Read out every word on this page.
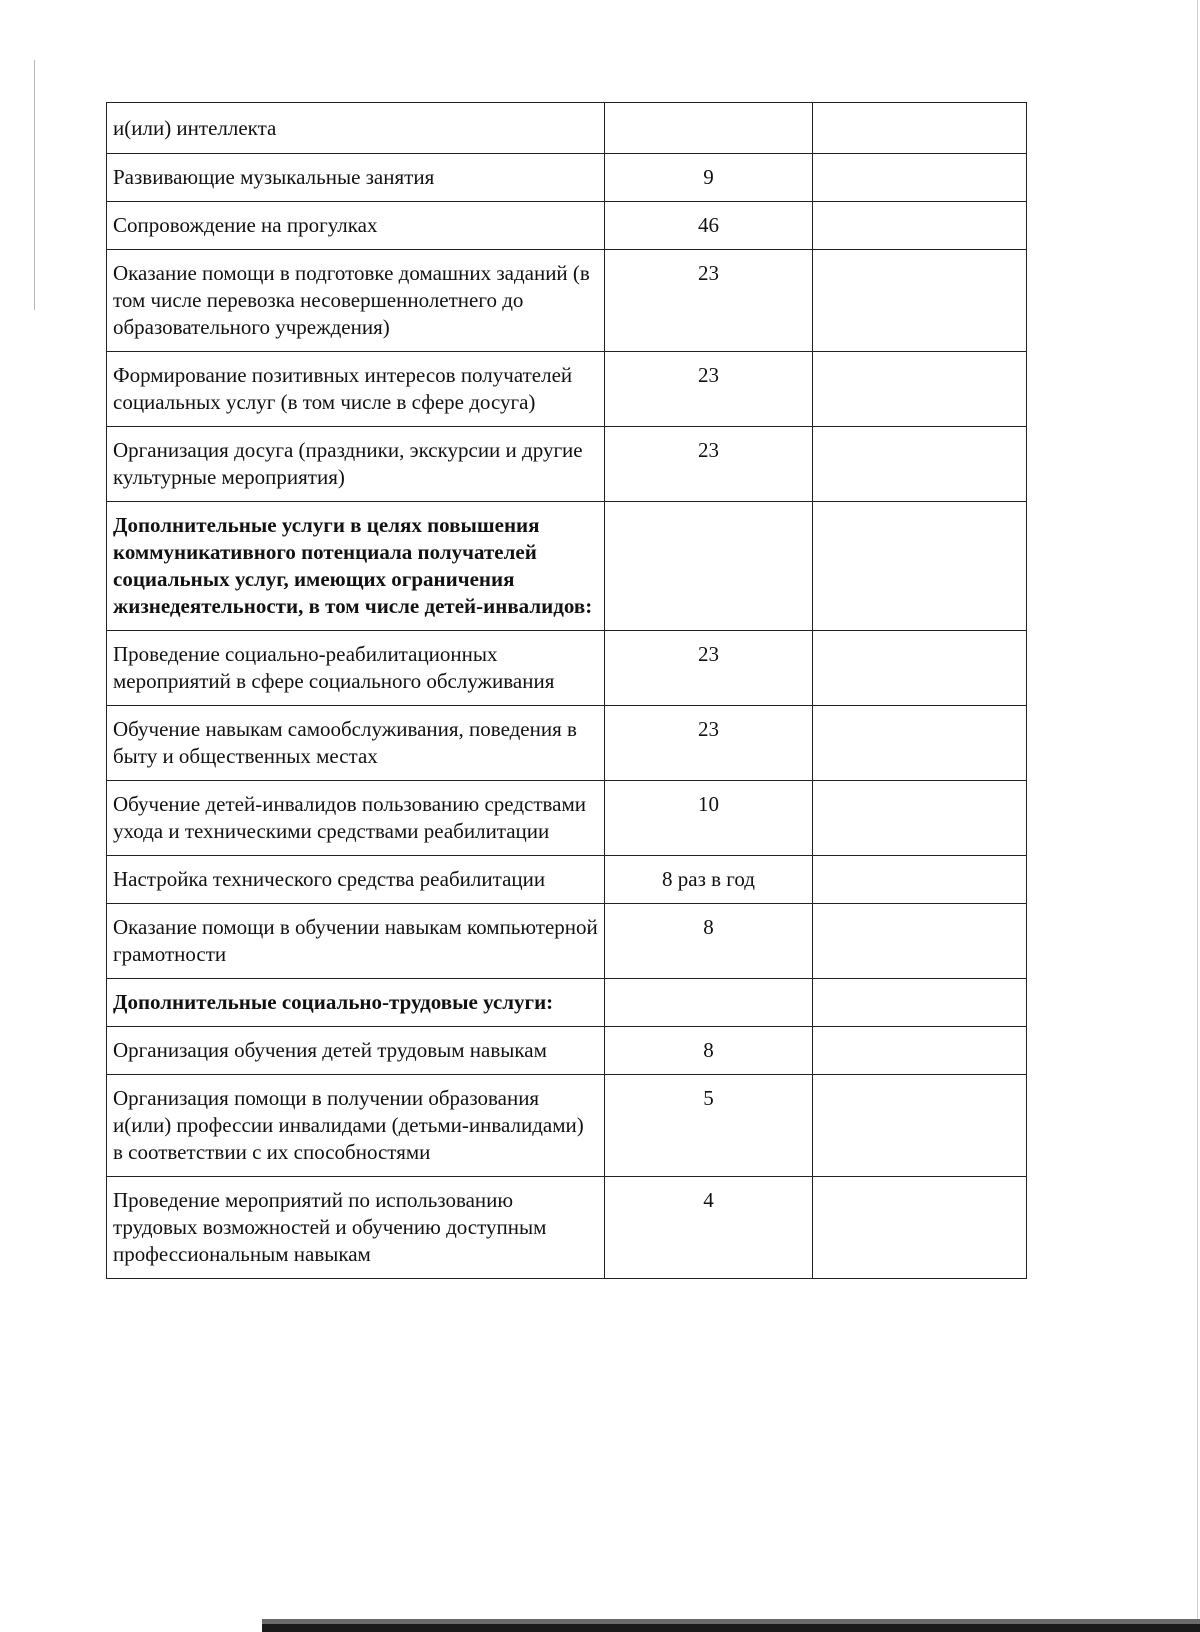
и(или) интеллекта		
Развивающие музыкальные занятия	9	
Сопровождение на прогулках	46	
Оказание помощи в подготовке домашних заданий (в том числе перевозка несовершеннолетнего до образовательного учреждения)	23	
Формирование позитивных интересов получателей социальных услуг (в том числе в сфере досуга)	23	
Организация досуга (праздники, экскурсии и другие культурные мероприятия)	23	
Дополнительные услуги в целях повышения коммуникативного потенциала получателей социальных услуг, имеющих ограничения жизнедеятельности, в том числе детей-инвалидов:		
Проведение социально-реабилитационных мероприятий в сфере социального обслуживания	23	
Обучение навыкам самообслуживания, поведения в быту и общественных местах	23	
Обучение детей-инвалидов пользованию средствами ухода и техническими средствами реабилитации	10	
Настройка технического средства реабилитации	8 раз в год	
Оказание помощи в обучении навыкам компьютерной грамотности	8	
Дополнительные социально-трудовые услуги:		
Организация обучения детей трудовым навыкам	8	
Организация помощи в получении образования и(или) профессии инвалидами (детьми-инвалидами) в соответствии с их способностями	5	
Проведение мероприятий по использованию трудовых возможностей и обучению доступным профессиональным навыкам	4	
